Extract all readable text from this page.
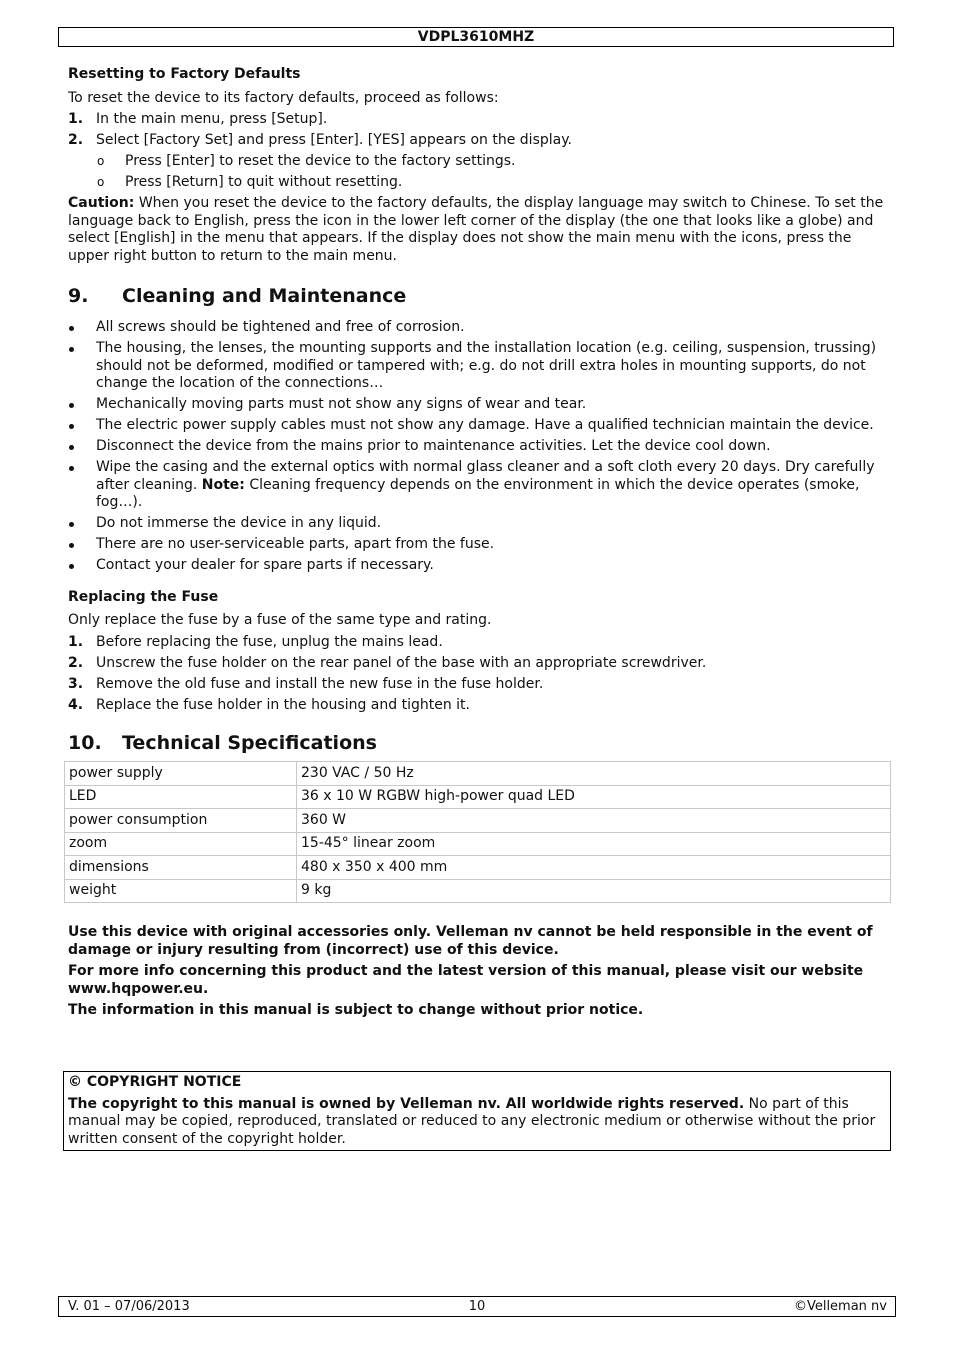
VDPL3610MHZ
Resetting to Factory Defaults

To reset the device to its factory defaults, proceed as follows:

1. In the main menu, press [Setup].
2. Select [Factory Set] and press [Enter]. [YES] appears on the display.
o Press [Enter] to reset the device to the factory settings.
o Press [Return] to quit without resetting.

Caution: When you reset the device to the factory defaults, the display language may switch to Chinese. To set the language back to English, press the icon in the lower left corner of the display (the one that looks like a globe) and select [English] in the menu that appears. If the display does not show the main menu with the icons, press the upper right button to return to the main menu.

9. Cleaning and Maintenance
All screws should be tightened and free of corrosion.
The housing, the lenses, the mounting supports and the installation location (e.g. ceiling, suspension, trussing) should not be deformed, modified or tampered with; e.g. do not drill extra holes in mounting supports, do not change the location of the connections…
Mechanically moving parts must not show any signs of wear and tear.
The electric power supply cables must not show any damage. Have a qualified technician maintain the device.
Disconnect the device from the mains prior to maintenance activities. Let the device cool down.
Wipe the casing and the external optics with normal glass cleaner and a soft cloth every 20 days. Dry carefully after cleaning. Note: Cleaning frequency depends on the environment in which the device operates (smoke, fog…).
Do not immerse the device in any liquid.
There are no user-serviceable parts, apart from the fuse.
Contact your dealer for spare parts if necessary.
Replacing the Fuse

Only replace the fuse by a fuse of the same type and rating.

1. Before replacing the fuse, unplug the mains lead.
2. Unscrew the fuse holder on the rear panel of the base with an appropriate screwdriver.
3. Remove the old fuse and install the new fuse in the fuse holder.
4. Replace the fuse holder in the housing and tighten it.
10. Technical Specifications
power supply	230 VAC / 50 Hz
LED	36 x 10 W RGBW high-power quad LED
power consumption	360 W
zoom	15-45° linear zoom
dimensions	480 x 350 x 400 mm
weight	9 kg

Use this device with original accessories only. Velleman nv cannot be held responsible in the event of damage or injury resulting from (incorrect) use of this device.

For more info concerning this product and the latest version of this manual, please visit our website www.hqpower.eu.

The information in this manual is subject to change without prior notice.

© COPYRIGHT NOTICE
The copyright to this manual is owned by Velleman nv. All worldwide rights reserved. No part of this manual may be copied, reproduced, translated or reduced to any electronic medium or otherwise without the prior written consent of the copyright holder.
V. 01 – 07/06/2013	10	©Velleman nv
